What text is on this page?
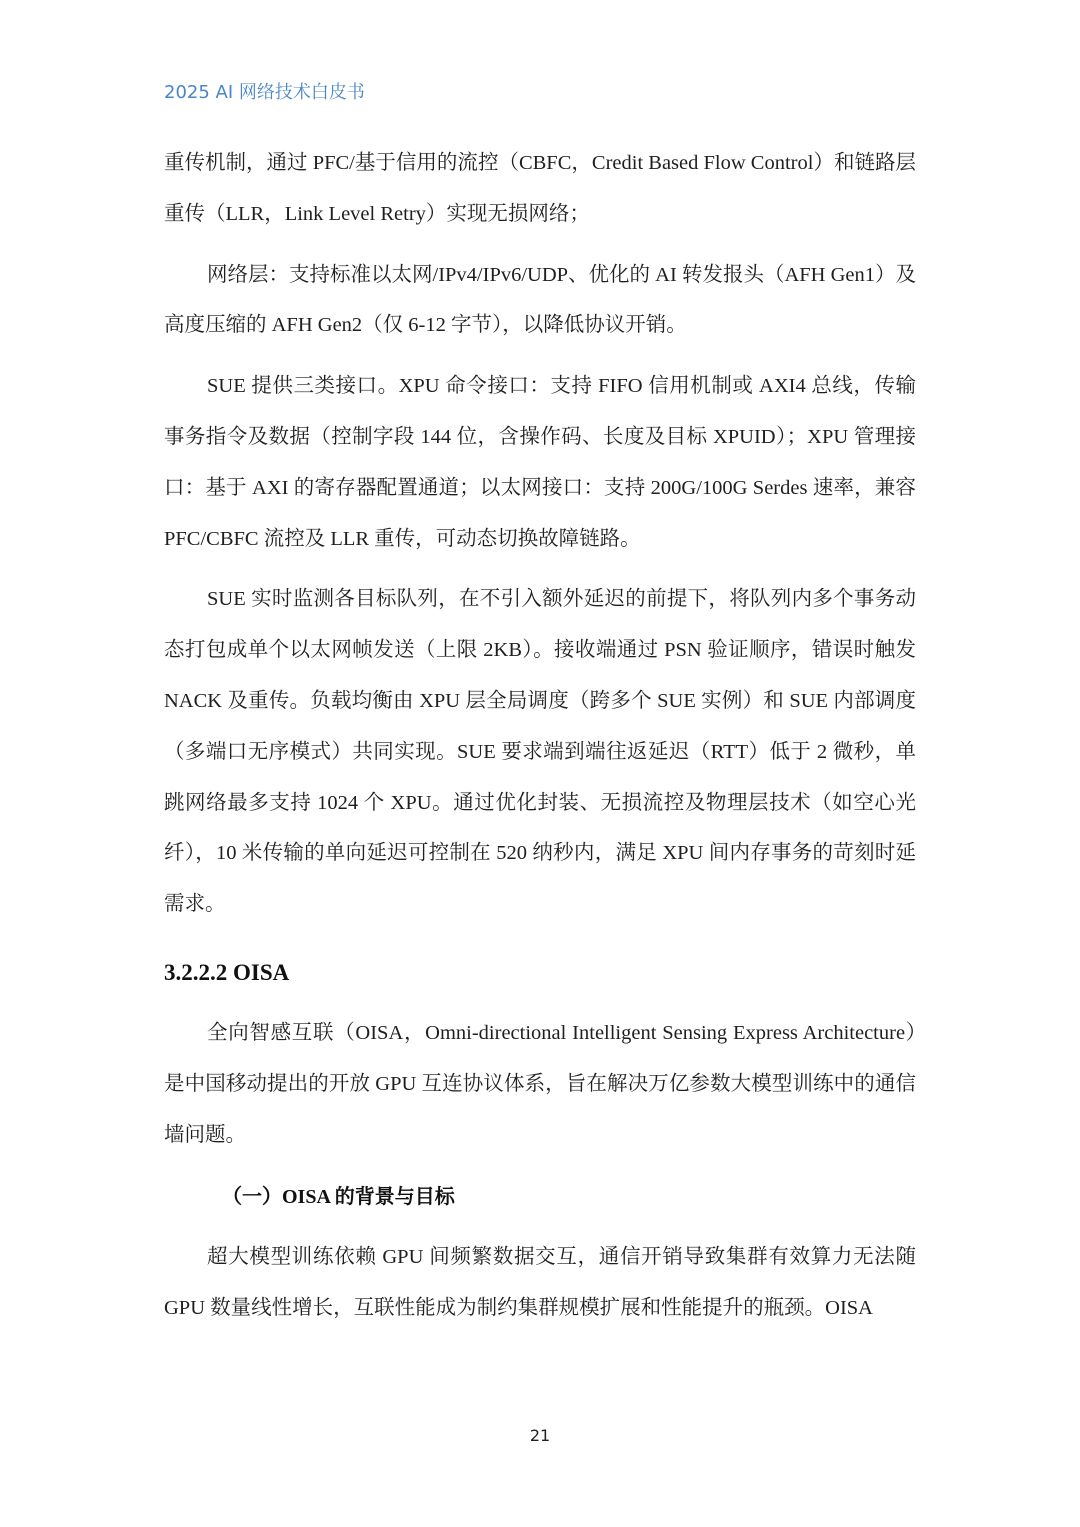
2025 AI 网络技术白皮书

重传机制，通过 PFC/基于信用的流控（CBFC，Credit Based Flow Control）和链路层重传（LLR，Link Level Retry）实现无损网络；

网络层：支持标准以太网/IPv4/IPv6/UDP、优化的 AI 转发报头（AFH Gen1）及高度压缩的 AFH Gen2（仅 6-12 字节），以降低协议开销。

SUE 提供三类接口。XPU 命令接口：支持 FIFO 信用机制或 AXI4 总线，传输事务指令及数据（控制字段 144 位，含操作码、长度及目标 XPUID）；XPU 管理接口：基于 AXI 的寄存器配置通道；以太网接口：支持 200G/100G Serdes 速率，兼容 PFC/CBFC 流控及 LLR 重传，可动态切换故障链路。

SUE 实时监测各目标队列，在不引入额外延迟的前提下，将队列内多个事务动态打包成单个以太网帧发送（上限 2KB）。接收端通过 PSN 验证顺序，错误时触发 NACK 及重传。负载均衡由 XPU 层全局调度（跨多个 SUE 实例）和 SUE 内部调度（多端口无序模式）共同实现。SUE 要求端到端往返延迟（RTT）低于 2 微秒，单跳网络最多支持 1024 个 XPU。通过优化封装、无损流控及物理层技术（如空心光纤），10 米传输的单向延迟可控制在 520 纳秒内，满足 XPU 间内存事务的苛刻时延需求。

3.2.2.2 OISA

全向智感互联（OISA，Omni-directional Intelligent Sensing Express Architecture）是中国移动提出的开放 GPU 互连协议体系，旨在解决万亿参数大模型训练中的通信墙问题。

（一）OISA 的背景与目标

超大模型训练依赖 GPU 间频繁数据交互，通信开销导致集群有效算力无法随 GPU 数量线性增长，互联性能成为制约集群规模扩展和性能提升的瓶颈。OISA

21
